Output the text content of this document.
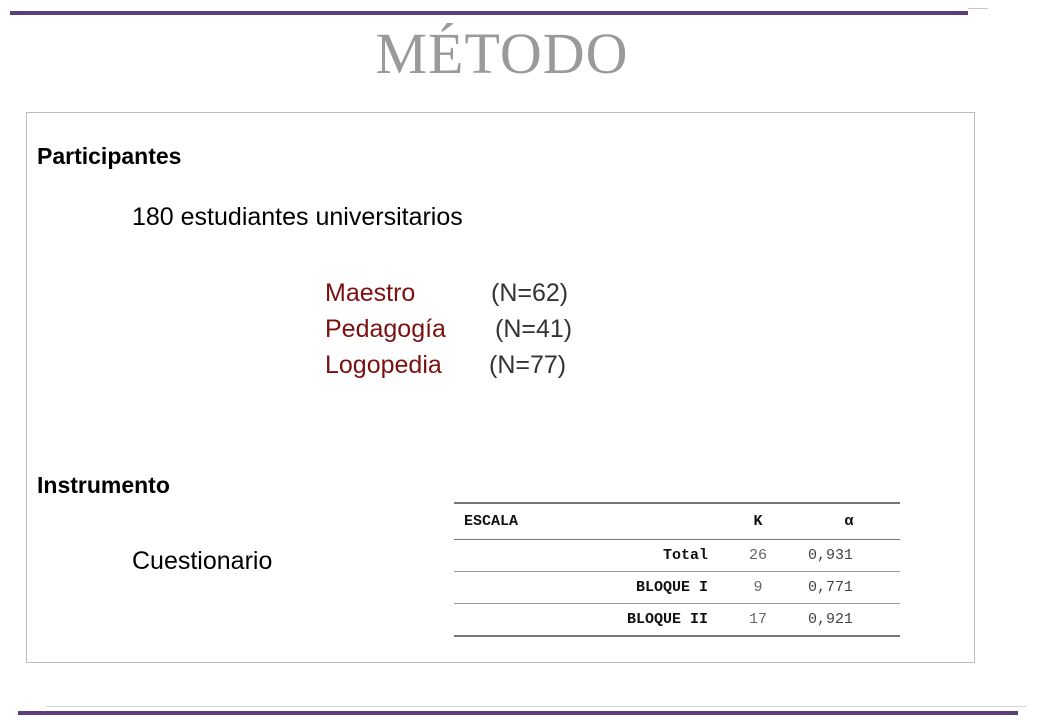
MÉTODO
Participantes
180 estudiantes universitarios
Maestro	(N=62)
Pedagogía (N=41)
Logopedia (N=77)
Instrumento
Cuestionario
ESCALA	K	α
Total	26	0,931
BLOQUE I	9	0,771
BLOQUE II	17	0,921
